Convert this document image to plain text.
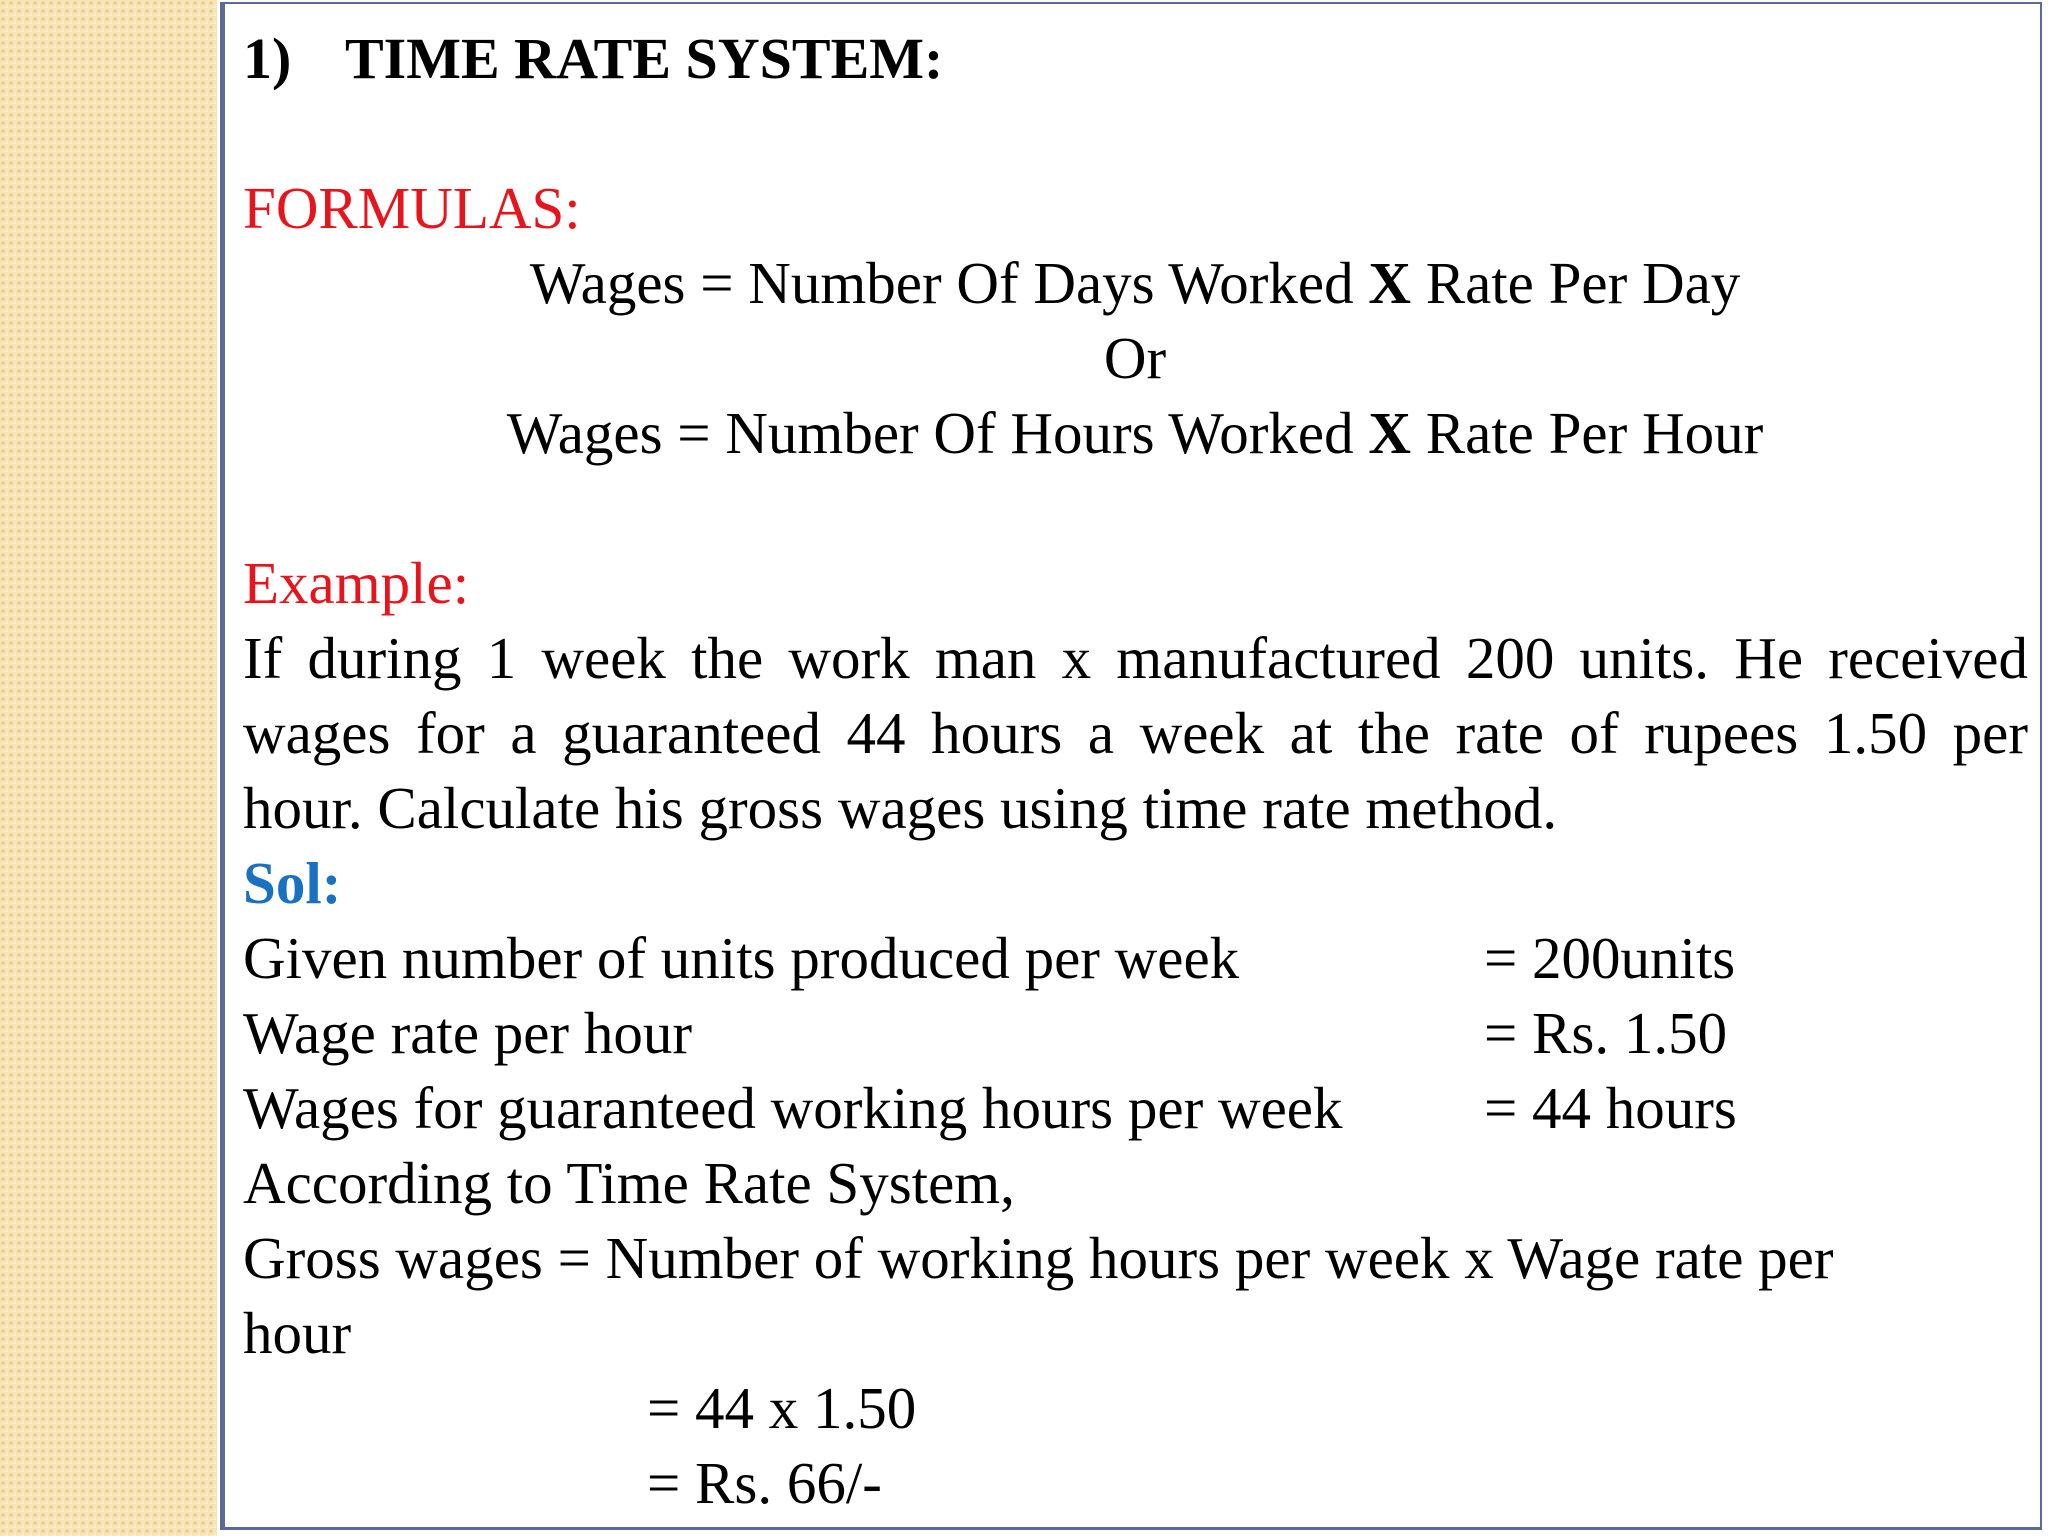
1) TIME RATE SYSTEM:
FORMULAS:
Wages = Number Of Days Worked X Rate Per Day
Or
Wages = Number Of Hours Worked X Rate Per Hour
Example:
If during 1 week the work man x manufactured 200 units. He received
wages for a guaranteed 44 hours a week at the rate of rupees 1.50 per
hour. Calculate his gross wages using time rate method.
Sol:
Given number of units produced per week	= 200units
Wage rate per hour	= Rs. 1.50
Wages for guaranteed working hours per week = 44 hours
According to Time Rate System,
Gross wages = Number of working hours per week x Wage rate per
hour
= 44 x 1.50
= Rs. 66/-
